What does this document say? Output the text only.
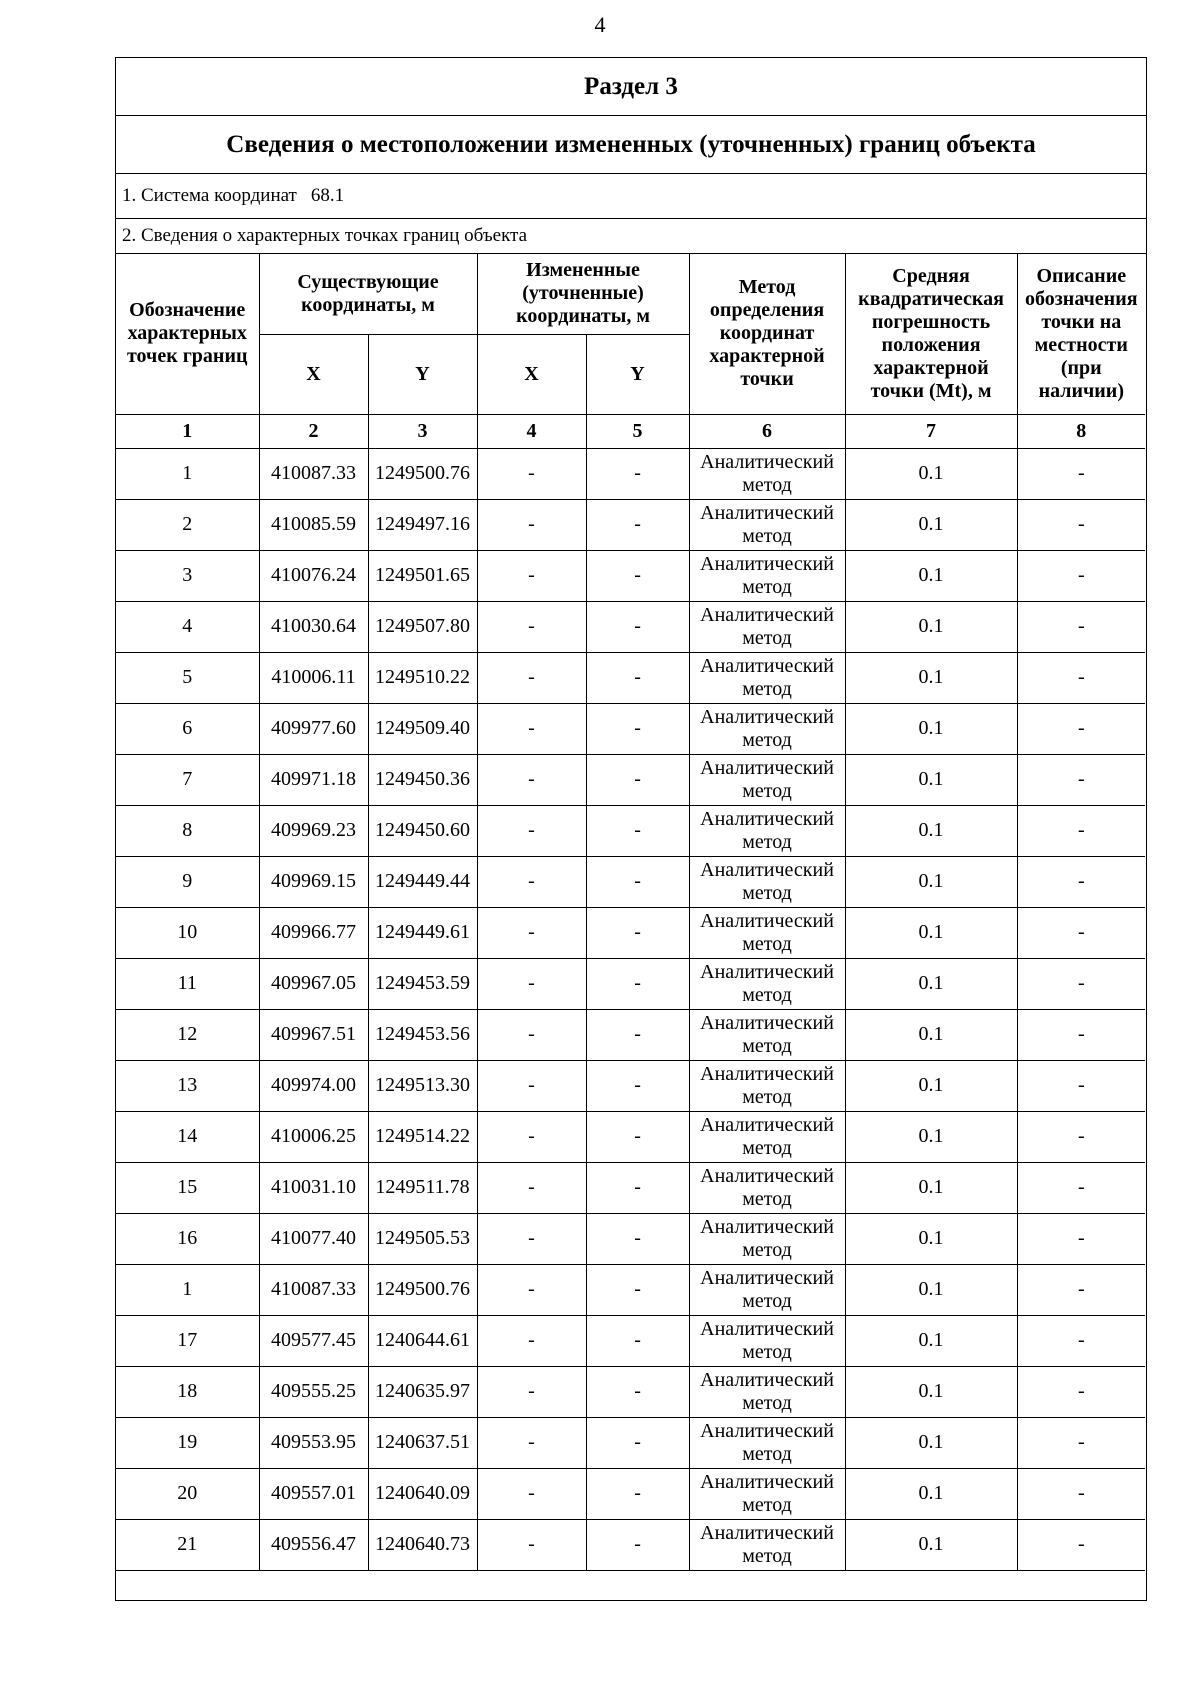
4
Раздел 3
Сведения о местоположении измененных (уточненных) границ объекта
1. Система координат 68.1
2. Сведения о характерных точках границ объекта
Обозначение характерных точек границ	Существующие координаты, м		Измененные (уточненные) координаты, м		Метод определения координат характерной точки	Средняя квадратическая погрешность положения характерной точки (Mt), м	Описание обозначения точки на местности (при наличии)
	X	Y	X	Y			
1	2	3	4	5	6	7	8
1	410087.33	1249500.76	-	-	Аналитический метод	0.1	-
2	410085.59	1249497.16	-	-	Аналитический метод	0.1	-
3	410076.24	1249501.65	-	-	Аналитический метод	0.1	-
4	410030.64	1249507.80	-	-	Аналитический метод	0.1	-
5	410006.11	1249510.22	-	-	Аналитический метод	0.1	-
6	409977.60	1249509.40	-	-	Аналитический метод	0.1	-
7	409971.18	1249450.36	-	-	Аналитический метод	0.1	-
8	409969.23	1249450.60	-	-	Аналитический метод	0.1	-
9	409969.15	1249449.44	-	-	Аналитический метод	0.1	-
10	409966.77	1249449.61	-	-	Аналитический метод	0.1	-
11	409967.05	1249453.59	-	-	Аналитический метод	0.1	-
12	409967.51	1249453.56	-	-	Аналитический метод	0.1	-
13	409974.00	1249513.30	-	-	Аналитический метод	0.1	-
14	410006.25	1249514.22	-	-	Аналитический метод	0.1	-
15	410031.10	1249511.78	-	-	Аналитический метод	0.1	-
16	410077.40	1249505.53	-	-	Аналитический метод	0.1	-
1	410087.33	1249500.76	-	-	Аналитический метод	0.1	-
17	409577.45	1240644.61	-	-	Аналитический метод	0.1	-
18	409555.25	1240635.97	-	-	Аналитический метод	0.1	-
19	409553.95	1240637.51	-	-	Аналитический метод	0.1	-
20	409557.01	1240640.09	-	-	Аналитический метод	0.1	-
21	409556.47	1240640.73	-	-	Аналитический метод	0.1	-
